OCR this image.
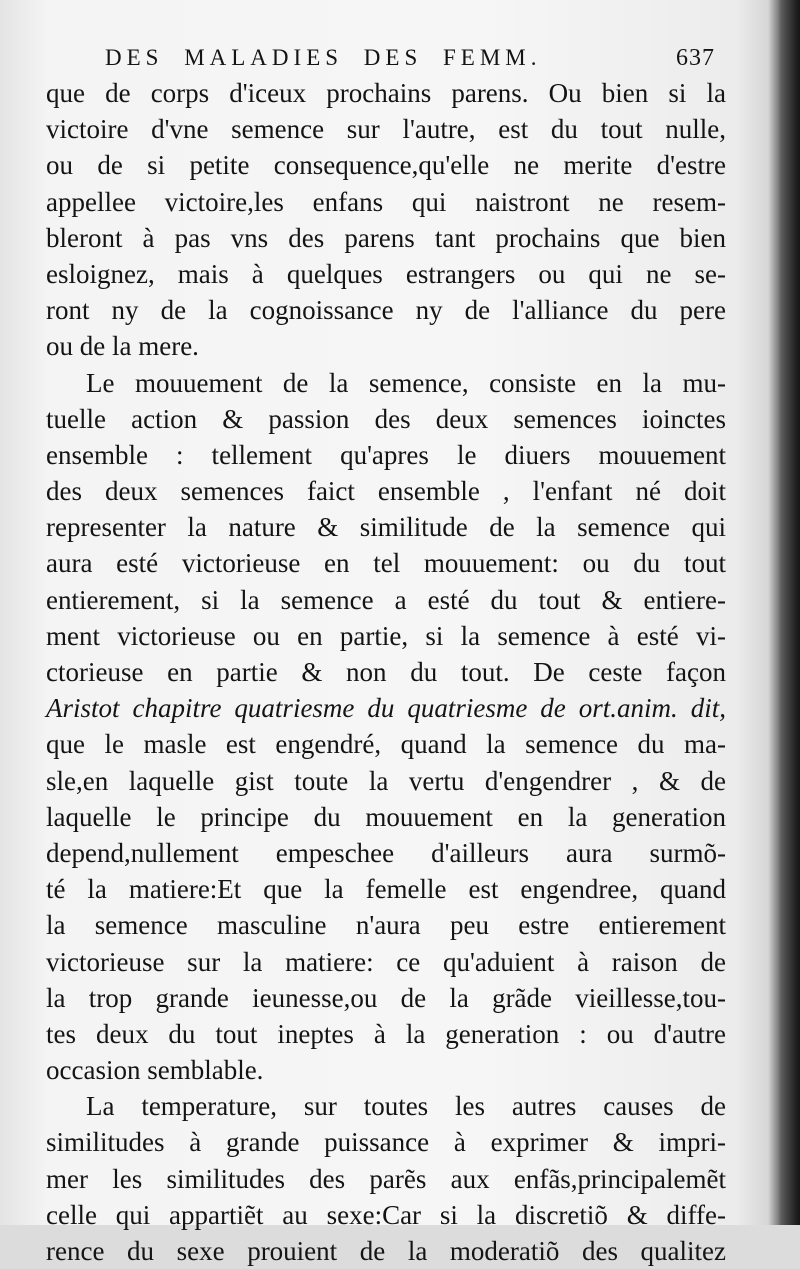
DES MALADIES DES FEMM.	637
que de corps d'iceux prochains parens. Ou bien si la
victoire d'vne semence sur l'autre, est du tout nulle,
ou de si petite consequence,qu'elle ne merite d'estre
appellee victoire,les enfans qui naistront ne resem-
bleront à pas vns des parens tant prochains que bien
esloignez, mais à quelques estrangers ou qui ne se-
ront ny de la cognoissance ny de l'alliance du pere
ou de la mere.
Le mouuement de la semence, consiste en la mu-
tuelle action & passion des deux semences ioinctes
ensemble : tellement qu'apres le diuers mouuement
des deux semences faict ensemble , l'enfant né doit
representer la nature & similitude de la semence qui
aura esté victorieuse en tel mouuement: ou du tout
entierement, si la semence a esté du tout & entiere-
ment victorieuse ou en partie, si la semence à esté vi-
ctorieuse en partie & non du tout. De ceste façon
Aristot chapitre quatriesme du quatriesme de ort.anim. dit,
que le masle est engendré, quand la semence du ma-
sle,en laquelle gist toute la vertu d'engendrer , & de
laquelle le principe du mouuement en la generation
depend,nullement empeschee d'ailleurs aura surmõ-
té la matiere:Et que la femelle est engendree, quand
la semence masculine n'aura peu estre entierement
victorieuse sur la matiere: ce qu'aduient à raison de
la trop grande ieunesse,ou de la grãde vieillesse,tou-
tes deux du tout ineptes à la generation : ou d'autre
occasion semblable.
La temperature, sur toutes les autres causes de
similitudes à grande puissance à exprimer & impri-
mer les similitudes des parẽs aux enfãs,principalemẽt
celle qui appartiẽt au sexe:Car si la discretiõ & diffe-
rence du sexe prouient de la moderatiõ des qualitez
